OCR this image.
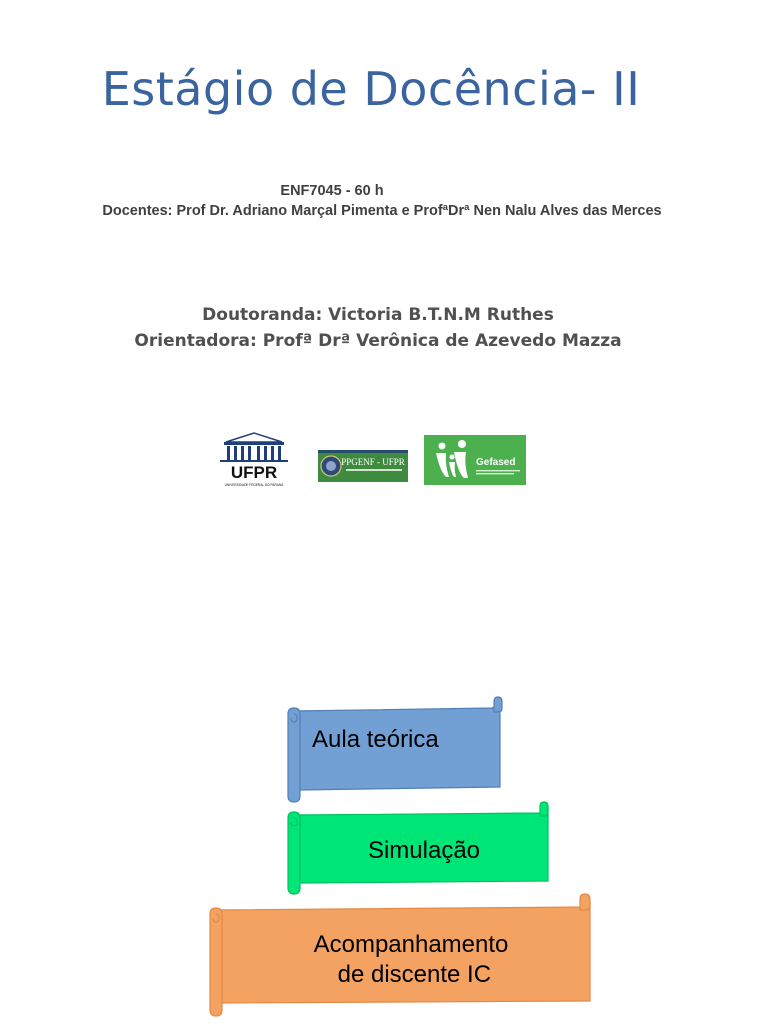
Estágio de Docência- II
ENF7045 - 60 h
Docentes: Prof Dr. Adriano Marçal Pimenta e ProfªDrª Nen Nalu Alves das Merces
Doutoranda: Victoria B.T.N.M Ruthes
Orientadora: Profª Drª Verônica de Azevedo Mazza
UFPR
UNIVERSIDADE FEDERAL DO PARANÁ
PPGENF - UFPR	Gefased
Aula teórica
Simulação
Acompanhamento
de discente IC
